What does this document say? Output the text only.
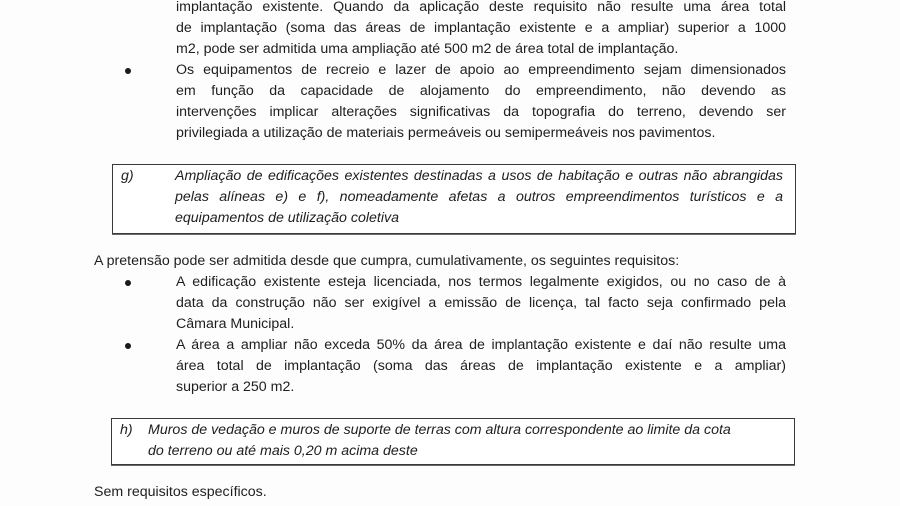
implantação existente. Quando da aplicação deste requisito não resulte uma área total
de implantação (soma das áreas de implantação existente e a ampliar) superior a 1000
m2, pode ser admitida uma ampliação até 500 m2 de área total de implantação.
Os equipamentos de recreio e lazer de apoio ao empreendimento sejam dimensionados
em função da capacidade de alojamento do empreendimento, não devendo as
intervenções implicar alterações significativas da topografia do terreno, devendo ser
privilegiada a utilização de materiais permeáveis ou semipermeáveis nos pavimentos.
g)	Ampliação de edificações existentes destinadas a usos de habitação e outras não abrangidas
pelas alíneas e) e f), nomeadamente afetas a outros empreendimentos turísticos e a
equipamentos de utilização coletiva
A pretensão pode ser admitida desde que cumpra, cumulativamente, os seguintes requisitos:
A edificação existente esteja licenciada, nos termos legalmente exigidos, ou no caso de à
data da construção não ser exigível a emissão de licença, tal facto seja confirmado pela
Câmara Municipal.
A área a ampliar não exceda 50% da área de implantação existente e daí não resulte uma
área total de implantação (soma das áreas de implantação existente e a ampliar)
superior a 250 m2.
h) Muros de vedação e muros de suporte de terras com altura correspondente ao limite da cota
do terreno ou até mais 0,20 m acima deste
Sem requisitos específicos.
